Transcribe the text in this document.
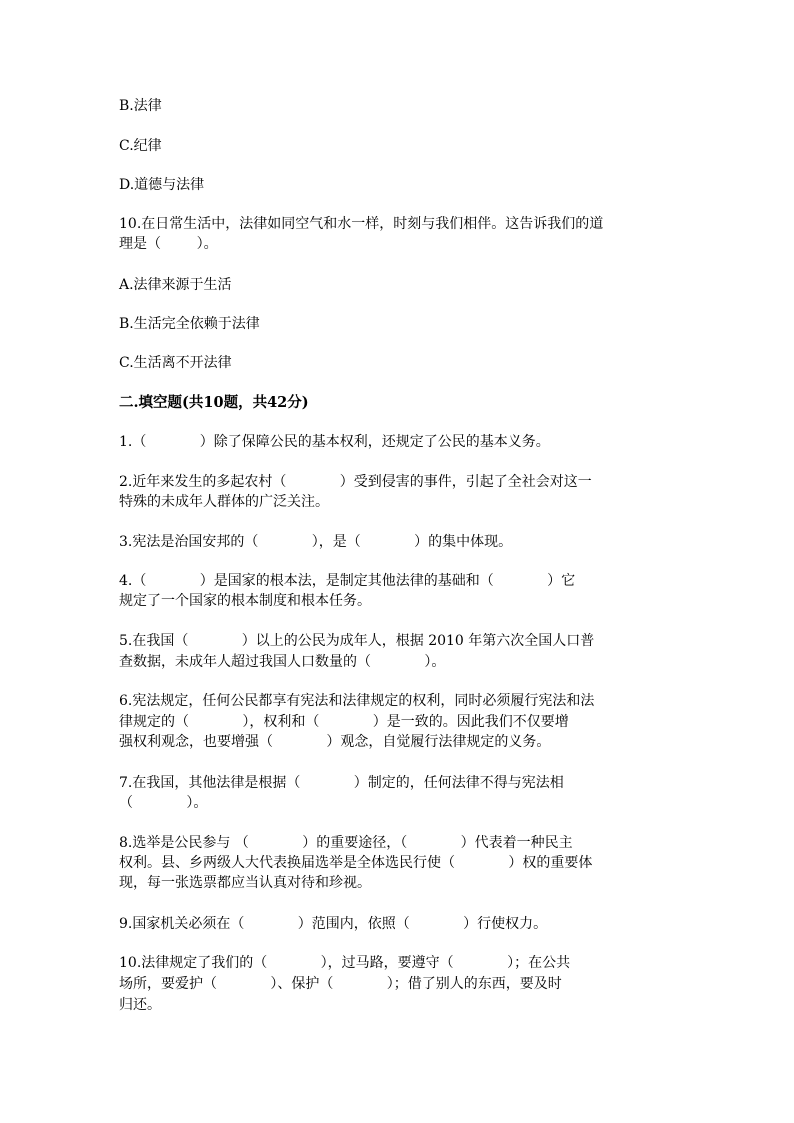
B.法律
C.纪律
D.道德与法律
10.在日常生活中，法律如同空气和水一样，时刻与我们相伴。这告诉我们的道
理是（        ）。
A.法律来源于生活
B.生活完全依赖于法律
C.生活离不开法律
二.填空题(共10题，共42分)
1.（            ）除了保障公民的基本权利，还规定了公民的基本义务。
2.近年来发生的多起农村（            ）受到侵害的事件，引起了全社会对这一
特殊的未成年人群体的广泛关注。
3.宪法是治国安邦的（            ），是（            ）的集中体现。
4.（            ）是国家的根本法，是制定其他法律的基础和（            ）它
规定了一个国家的根本制度和根本任务。
5.在我国（            ）以上的公民为成年人，根据 2010 年第六次全国人口普
查数据，未成年人超过我国人口数量的（            ）。
6.宪法规定，任何公民都享有宪法和法律规定的权利，同时必须履行宪法和法
律规定的（            ），权利和（            ）是一致的。因此我们不仅要增
强权利观念，也要增强（            ）观念，自觉履行法律规定的义务。
7.在我国，其他法律是根据（            ）制定的，任何法律不得与宪法相
（            ）。
8.选举是公民参与 （            ）的重要途径，（            ）代表着一种民主
权利。县、乡两级人大代表换届选举是全体选民行使（            ）权的重要体
现，每一张选票都应当认真对待和珍视。
9.国家机关必须在（            ）范围内，依照（            ）行使权力。
10.法律规定了我们的（            ），过马路，要遵守（            ）；在公共
场所，要爱护（            ）、保护（            ）；借了别人的东西，要及时
归还。
